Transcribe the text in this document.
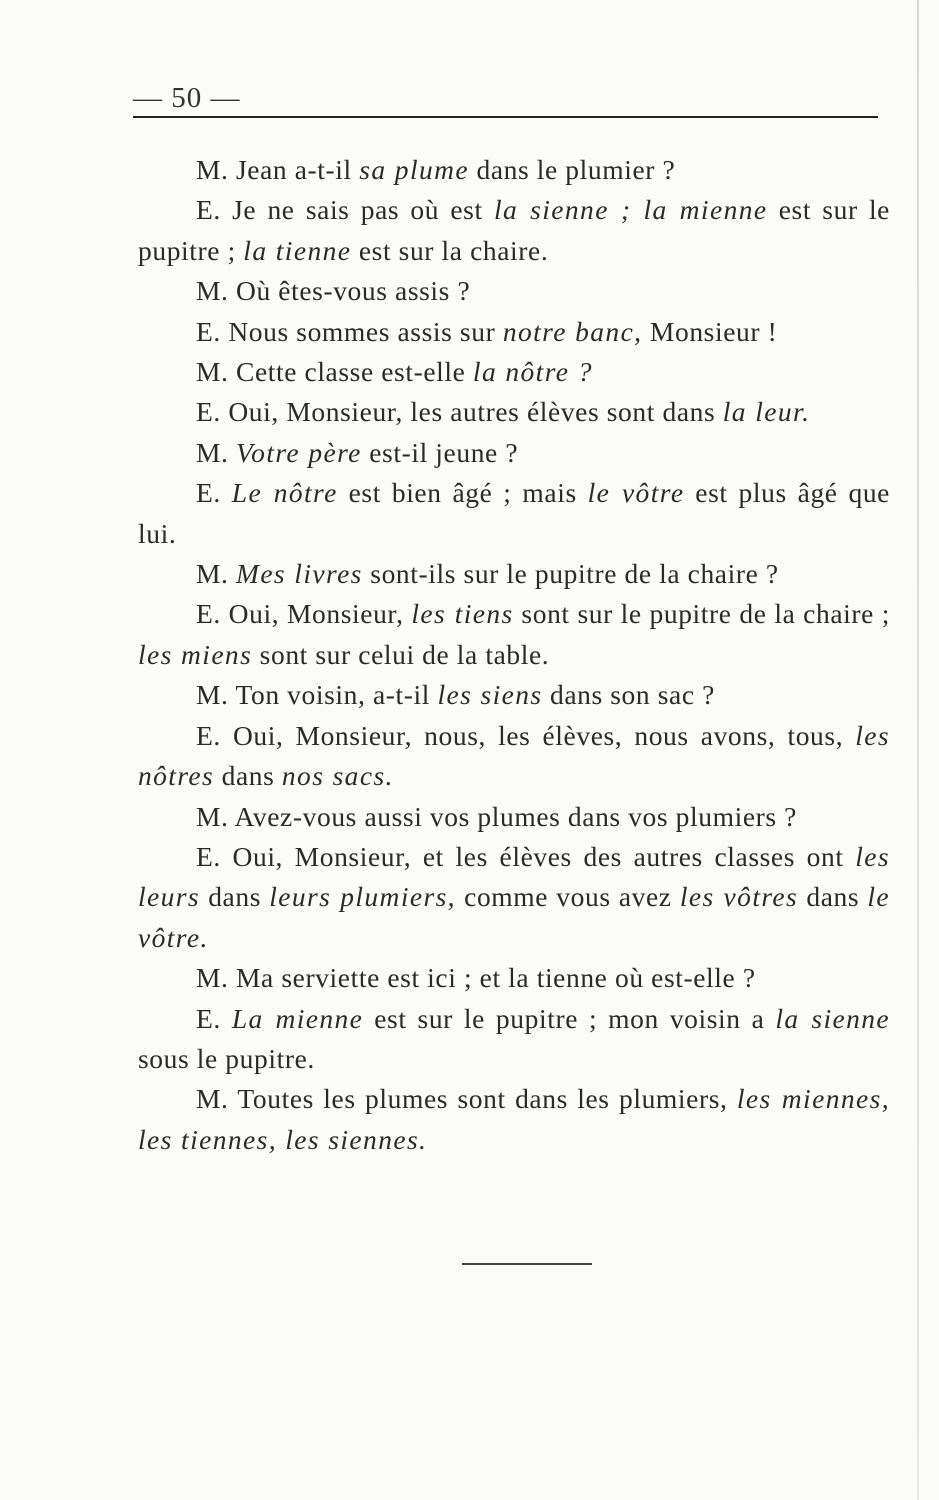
— 50 —

M. Jean a-t-il sa plume dans le plumier ?

E. Je ne sais pas où est la sienne ; la mienne est sur le pupitre ; la tienne est sur la chaire.

M. Où êtes-vous assis ?

E. Nous sommes assis sur notre banc, Monsieur !

M. Cette classe est-elle la nôtre ?

E. Oui, Monsieur, les autres élèves sont dans la leur.

M. Votre père est-il jeune ?

E. Le nôtre est bien âgé ; mais le vôtre est plus âgé que lui.

M. Mes livres sont-ils sur le pupitre de la chaire ?

E. Oui, Monsieur, les tiens sont sur le pupitre de la chaire ; les miens sont sur celui de la table.

M. Ton voisin, a-t-il les siens dans son sac ?

E. Oui, Monsieur, nous, les élèves, nous avons, tous, les nôtres dans nos sacs.

M. Avez-vous aussi vos plumes dans vos plumiers ?

E. Oui, Monsieur, et les élèves des autres classes ont les leurs dans leurs plumiers, comme vous avez les vôtres dans le vôtre.

M. Ma serviette est ici ; et la tienne où est-elle ?

E. La mienne est sur le pupitre ; mon voisin a la sienne sous le pupitre.

M. Toutes les plumes sont dans les plumiers, les miennes, les tiennes, les siennes.
